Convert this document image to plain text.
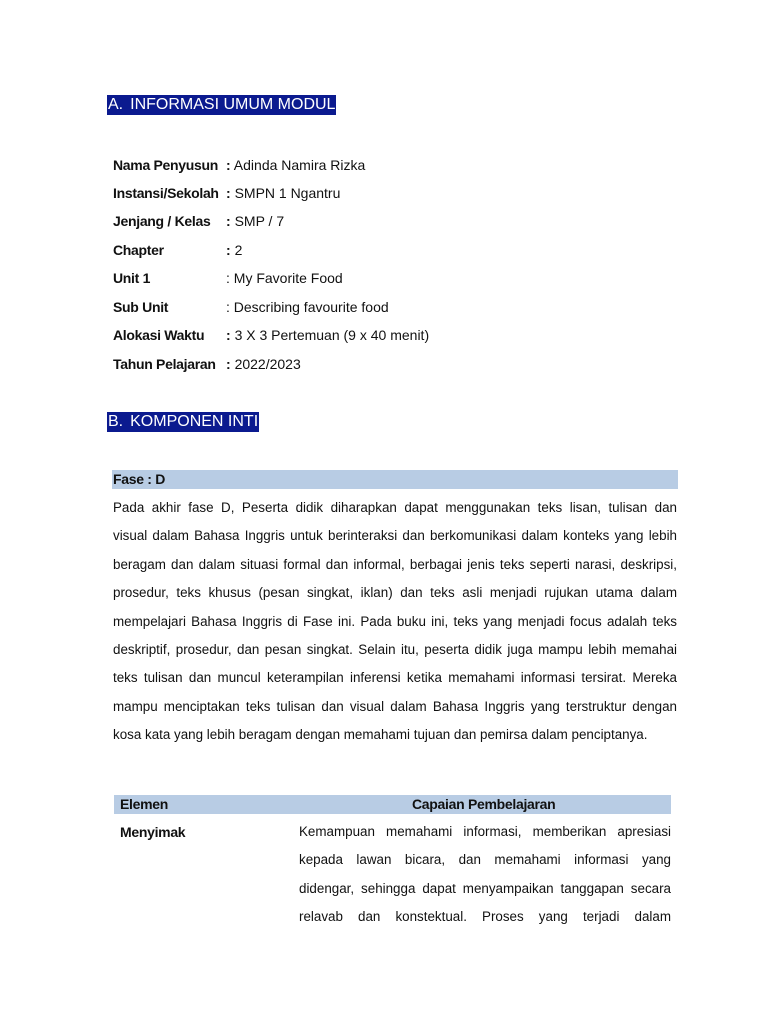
A. INFORMASI UMUM MODUL
Nama Penyusun : Adinda Namira Rizka
Instansi/Sekolah : SMPN 1 Ngantru
Jenjang / Kelas : SMP / 7
Chapter	: 2
Unit 1	: My Favorite Food
Sub Unit	: Describing favourite food
Alokasi Waktu : 3 X 3 Pertemuan (9 x 40 menit)
Tahun Pelajaran : 2022/2023
B. KOMPONEN INTI
Fase : D
Pada akhir fase D, Peserta didik diharapkan dapat menggunakan teks lisan, tulisan dan
visual dalam Bahasa Inggris untuk berinteraksi dan berkomunikasi dalam konteks yang lebih
beragam dan dalam situasi formal dan informal, berbagai jenis teks seperti narasi, deskripsi,
prosedur, teks khusus (pesan singkat, iklan) dan teks asli menjadi rujukan utama dalam
mempelajari Bahasa Inggris di Fase ini. Pada buku ini, teks yang menjadi focus adalah teks
deskriptif, prosedur, dan pesan singkat. Selain itu, peserta didik juga mampu lebih memahai
teks tulisan dan muncul keterampilan inferensi ketika memahami informasi tersirat. Mereka
mampu menciptakan teks tulisan dan visual dalam Bahasa Inggris yang terstruktur dengan
kosa kata yang lebih beragam dengan memahami tujuan dan pemirsa dalam penciptanya.
Elemen	Capaian Pembelajaran
Menyimak	Kemampuan memahami informasi, memberikan apresiasi
kepada lawan bicara, dan memahami informasi yang
didengar, sehingga dapat menyampaikan tanggapan secara
relavab dan konstektual. Proses yang terjadi dalam
